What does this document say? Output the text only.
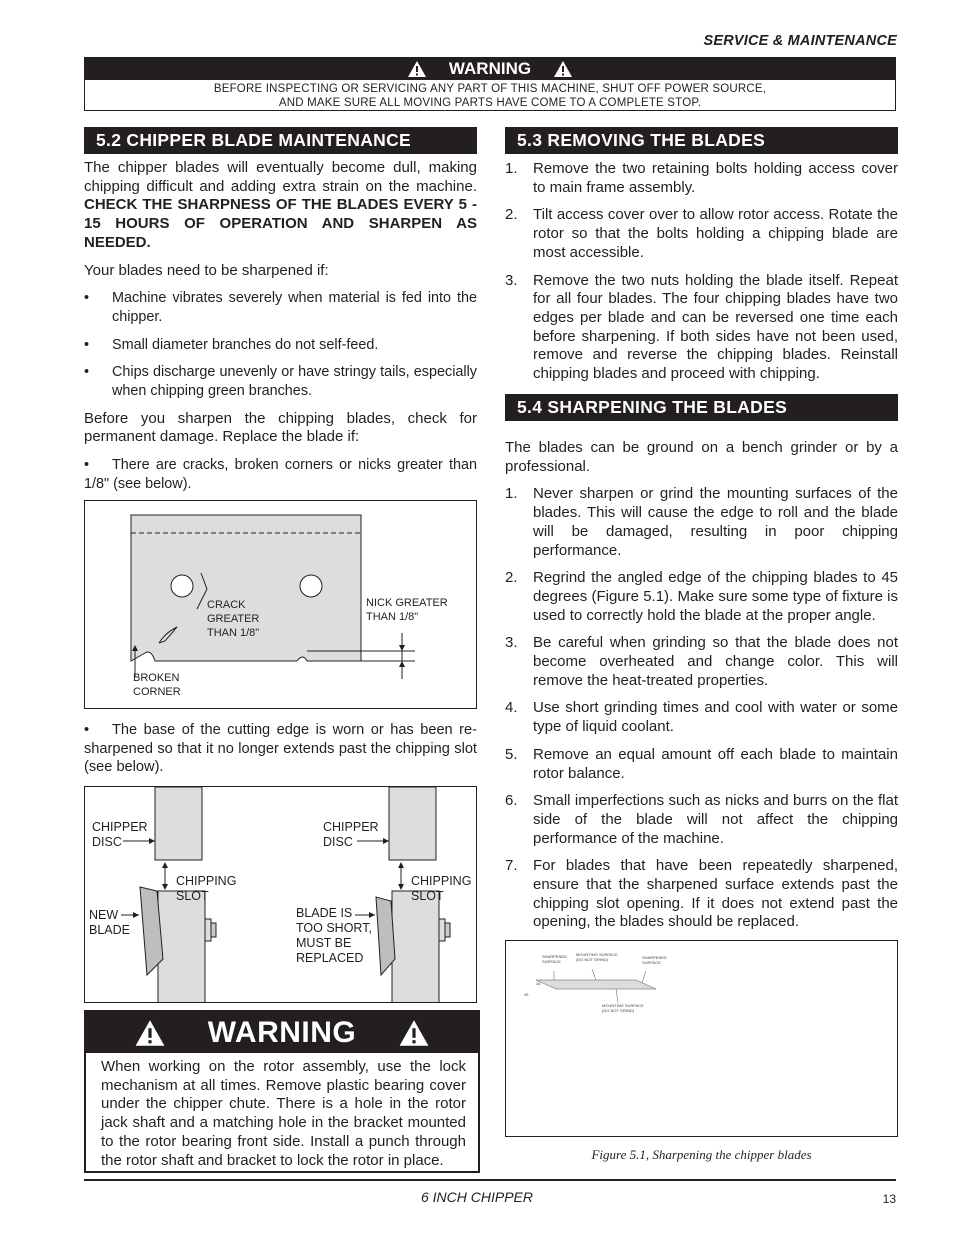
SERVICE & MAINTENANCE
WARNING
BEFORE INSPECTING OR SERVICING ANY PART OF THIS MACHINE, SHUT OFF POWER SOURCE,
AND MAKE SURE ALL MOVING PARTS HAVE COME TO A COMPLETE STOP.
5.2 CHIPPER BLADE MAINTENANCE

The chipper blades will eventually become dull, making chipping difficult and adding extra strain on the machine. CHECK THE SHARPNESS OF THE BLADES EVERY 5 - 15 HOURS OF OPERATION AND SHARPEN AS NEEDED.

Your blades need to be sharpened if:

• Machine vibrates severely when material is fed into the chipper.
• Small diameter branches do not self-feed.
• Chips discharge unevenly or have stringy tails, especially when chipping green branches.

Before you sharpen the chipping blades, check for permanent damage. Replace the blade if:

• There are cracks, broken corners or nicks greater than 1/8" (see below).

CRACK
GREATER
THAN 1/8"
NICK GREATER
THAN 1/8"
BROKEN
CORNER
• The base of the cutting edge is worn or has been re-sharpened so that it no longer extends past the chipping slot (see below).
CHIPPER
DISC
CHIPPING
SLOT
NEW
BLADE
CHIPPER
DISC
CHIPPING
SLOT
BLADE IS
TOO SHORT,
MUST BE
REPLACED
WARNING
When working on the rotor assembly, use the lock mechanism at all times. Remove plastic bearing cover under the chipper chute. There is a hole in the rotor jack shaft and a matching hole in the bracket mounted to the rotor bearing front side. Install a punch through the rotor shaft and bracket to lock the rotor in place.
5.3 REMOVING THE BLADES
1. Remove the two retaining bolts holding access cover to main frame assembly.
2. Tilt access cover over to allow rotor access. Rotate the rotor so that the bolts holding a chipping blade are most accessible.
3. Remove the two nuts holding the blade itself. Repeat for all four blades. The four chipping blades have two edges per blade and can be reversed one time each before sharpening. If both sides have not been used, remove and reverse the chipping blades. Reinstall chipping blades and proceed with chipping.
5.4 SHARPENING THE BLADES

The blades can be ground on a bench grinder or by a professional.

1. Never sharpen or grind the mounting surfaces of the blades. This will cause the edge to roll and the blade will be damaged, resulting in poor chipping performance.
2. Regrind the angled edge of the chipping blades to 45 degrees (Figure 5.1). Make sure some type of fixture is used to correctly hold the blade at the proper angle.
3. Be careful when grinding so that the blade does not become overheated and change color. This will remove the heat-treated properties.
4. Use short grinding times and cool with water or some type of liquid coolant.
5. Remove an equal amount off each blade to maintain rotor balance.
6. Small imperfections such as nicks and burrs on the flat side of the blade will not affect the chipping performance of the machine.
7. For blades that have been repeatedly sharpened, ensure that the sharpened surface extends past the chipping slot opening. If it does not extend past the opening, the blades should be replaced.
SHARPENED
SURFACE
MOUNTING SURFACE
(DO NOT GRIND)	SHARPENED
SURFACE
38
45
MOUNTING SURFACE
(DO NOT GRIND)
Figure 5.1, Sharpening the chipper blades
6 INCH CHIPPER	13
